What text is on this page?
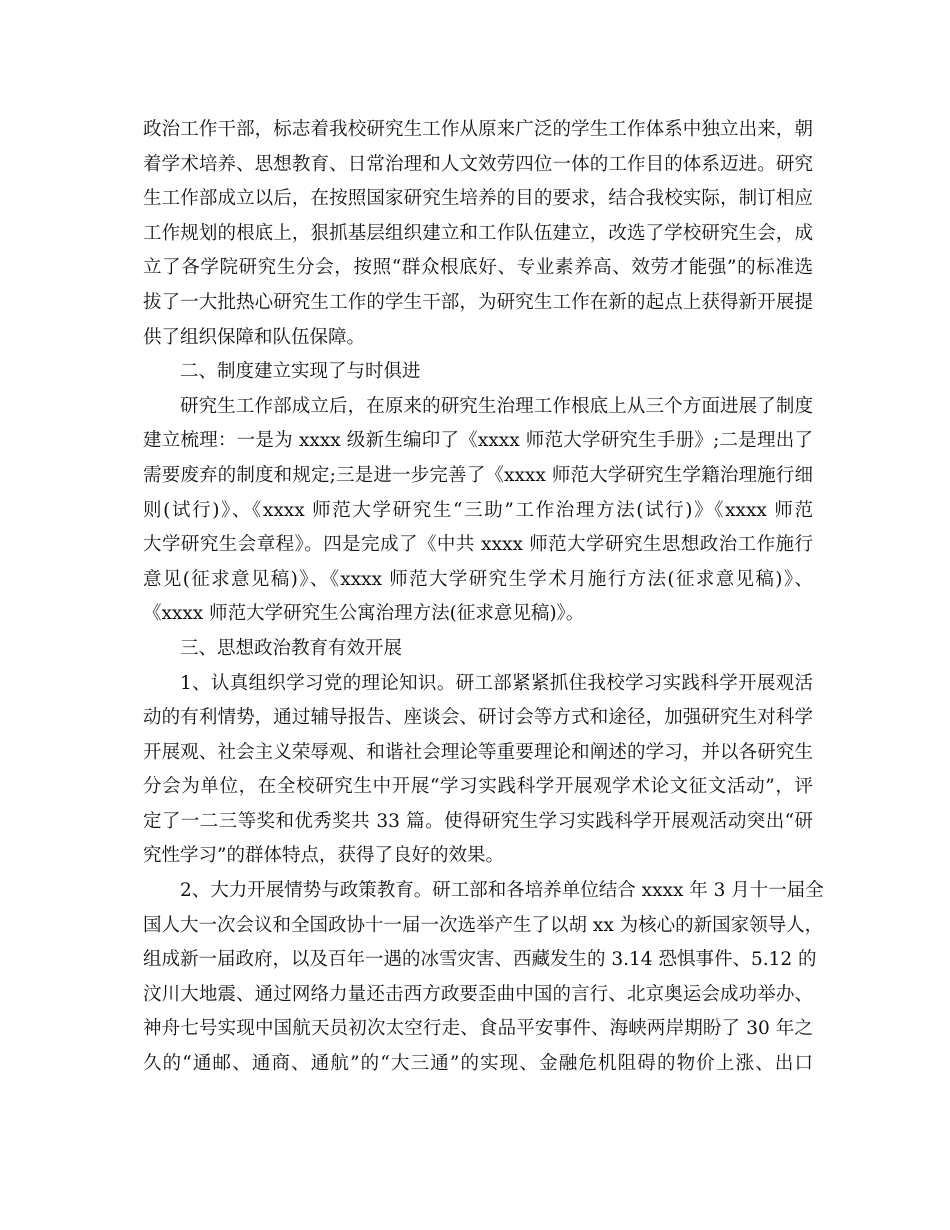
政治工作干部，标志着我校研究生工作从原来广泛的学生工作体系中独立出来，朝
着学术培养、思想教育、日常治理和人文效劳四位一体的工作目的体系迈进。研究
生工作部成立以后，在按照国家研究生培养的目的要求，结合我校实际，制订相应
工作规划的根底上，狠抓基层组织建立和工作队伍建立，改选了学校研究生会，成
立了各学院研究生分会，按照“群众根底好、专业素养高、效劳才能强”的标准选
拔了一大批热心研究生工作的学生干部，为研究生工作在新的起点上获得新开展提
供了组织保障和队伍保障。
二、制度建立实现了与时俱进
研究生工作部成立后，在原来的研究生治理工作根底上从三个方面进展了制度
建立梳理：一是为 xxxx 级新生编印了《xxxx 师范大学研究生手册》;二是理出了
需要废弃的制度和规定;三是进一步完善了《xxxx 师范大学研究生学籍治理施行细
则(试行)》、《xxxx 师范大学研究生“三助”工作治理方法(试行)》《xxxx 师范
大学研究生会章程》。四是完成了《中共 xxxx 师范大学研究生思想政治工作施行
意见(征求意见稿)》、《xxxx 师范大学研究生学术月施行方法(征求意见稿)》、
《xxxx 师范大学研究生公寓治理方法(征求意见稿)》。
三、思想政治教育有效开展
1、认真组织学习党的理论知识。研工部紧紧抓住我校学习实践科学开展观活
动的有利情势，通过辅导报告、座谈会、研讨会等方式和途径，加强研究生对科学
开展观、社会主义荣辱观、和谐社会理论等重要理论和阐述的学习，并以各研究生
分会为单位，在全校研究生中开展“学习实践科学开展观学术论文征文活动”，评
定了一二三等奖和优秀奖共 33 篇。使得研究生学习实践科学开展观活动突出“研
究性学习”的群体特点，获得了良好的效果。
2、大力开展情势与政策教育。研工部和各培养单位结合 xxxx 年 3 月十一届全
国人大一次会议和全国政协十一届一次选举产生了以胡 xx 为核心的新国家领导人，
组成新一届政府，以及百年一遇的冰雪灾害、西藏发生的 3.14 恐惧事件、5.12 的
汶川大地震、通过网络力量还击西方政要歪曲中国的言行、北京奥运会成功举办、
神舟七号实现中国航天员初次太空行走、食品平安事件、海峡两岸期盼了 30 年之
久的“通邮、通商、通航”的“大三通”的实现、金融危机阻碍的物价上涨、出口
